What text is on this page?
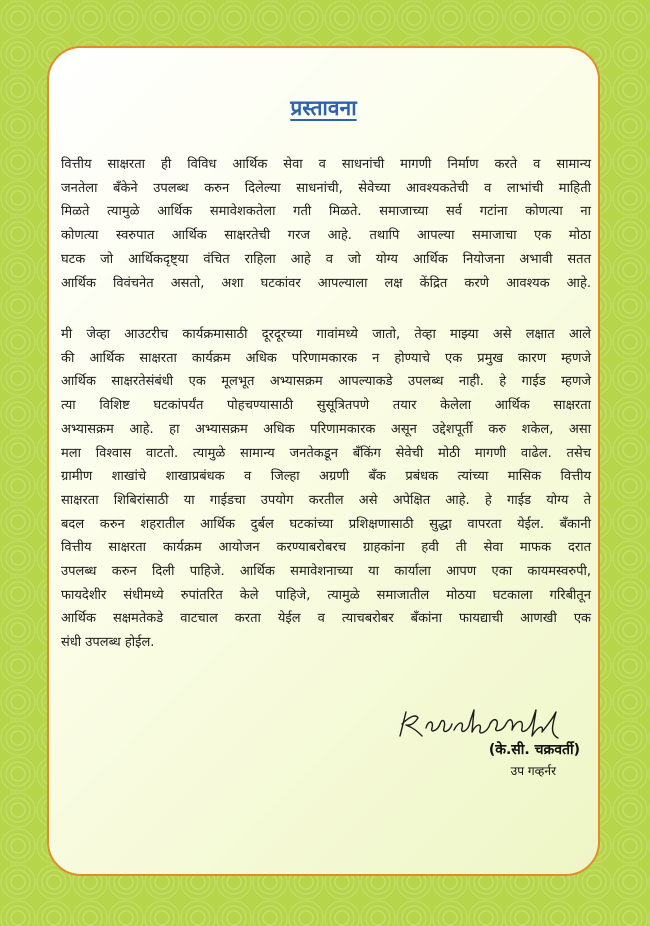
प्रस्तावना
वित्तीय साक्षरता ही विविध आर्थिक सेवा व साधनांची मागणी निर्माण करते व सामान्य
जनतेला बँकेने उपलब्ध करुन दिलेल्या साधनांची, सेवेच्या आवश्यकतेची व लाभांची माहिती
मिळते त्यामुळे आर्थिक समावेशकतेला गती मिळते. समाजाच्या सर्व गटांना कोणत्या ना
कोणत्या स्वरुपात आर्थिक साक्षरतेची गरज आहे. तथापि आपल्या समाजाचा एक मोठा
घटक जो आर्थिकदृष्ट्या वंचित राहिला आहे व जो योग्य आर्थिक नियोजना अभावी सतत
आर्थिक विवंचनेत असतो, अशा घटकांवर आपल्याला लक्ष केंद्रित करणे आवश्यक आहे.
मी जेव्हा आउटरीच कार्यक्रमासाठी दूरदूरच्या गावांमध्ये जातो, तेव्हा माझ्या असे लक्षात आले
की आर्थिक साक्षरता कार्यक्रम अधिक परिणामकारक न होण्याचे एक प्रमुख कारण म्हणजे
आर्थिक साक्षरतेसंबंधी एक मूलभूत अभ्यासक्रम आपल्याकडे उपलब्ध नाही. हे गाईड म्हणजे
त्या विशिष्ट घटकांपर्यंत पोहचण्यासाठी सुसूत्रितपणे तयार केलेला आर्थिक साक्षरता
अभ्यासक्रम आहे. हा अभ्यासक्रम अधिक परिणामकारक असून उद्देशपूर्ती करु शकेल, असा
मला विश्वास वाटतो. त्यामुळे सामान्य जनतेकडून बँकिंग सेवेची मोठी मागणी वाढेल. तसेच
ग्रामीण शाखांचे शाखाप्रबंधक व जिल्हा अग्रणी बँक प्रबंधक त्यांच्या मासिक वित्तीय
साक्षरता शिबिरांसाठी या गाईडचा उपयोग करतील असे अपेक्षित आहे. हे गाईड योग्य ते
बदल करुन शहरातील आर्थिक दुर्बल घटकांच्या प्रशिक्षणासाठी सुद्धा वापरता येईल. बँकानी
वित्तीय साक्षरता कार्यक्रम आयोजन करण्याबरोबरच ग्राहकांना हवी ती सेवा माफक दरात
उपलब्ध करुन दिली पाहिजे. आर्थिक समावेशनाच्या या कार्याला आपण एका कायमस्वरुपी,
फायदेशीर संधीमध्ये रुपांतरित केले पाहिजे, त्यामुळे समाजातील मोठया घटकाला गरिबीतून
आर्थिक सक्षमतेकडे वाटचाल करता येईल व त्याचबरोबर बँकांना फायद्याची आणखी एक
संधी उपलब्ध होईल.
(के.सी. चक्रवर्ती)
उप गव्हर्नर
